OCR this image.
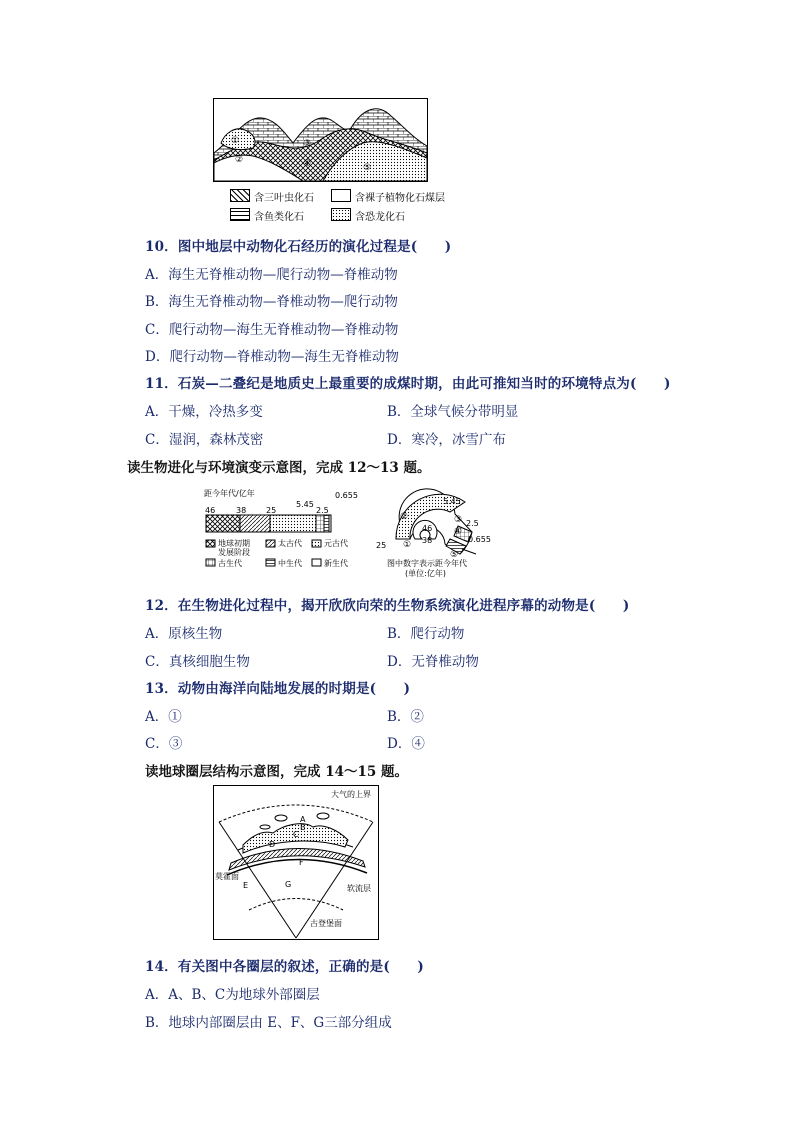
①
②
③
④	⑤
含三叶虫化石	含裸子植物化石煤层
含鱼类化石	含恐龙化石
10．图中地层中动物化石经历的演化过程是(　　)
A．海生无脊椎动物—爬行动物—脊椎动物
B．海生无脊椎动物—脊椎动物—爬行动物
C．爬行动物—海生无脊椎动物—脊椎动物
D．爬行动物—脊椎动物—海生无脊椎动物
11．石炭—二叠纪是地质史上最重要的成煤时期，由此可推知当时的环境特点为(　　)
A．干燥，冷热多变	B．全球气候分带明显
C．湿润，森林茂密	D．寒冷，冰雪广布
读生物进化与环境演变示意图，完成 12～13 题。
距今年代/亿年
46	38 25
5.45
2.5
0.655
地球初期
发展阶段
太古代	元古代
古生代	中生代	新生代
①
②	③
④
⑤
5.45
46
38
25
2.5
0.655
图中数字表示距今年代
(单位:亿年)
12．在生物进化过程中，揭开欣欣向荣的生物系统演化进程序幕的动物是(　　)
A．原核生物	B．爬行动物
C．真核细胞生物	D．无脊椎动物
13．动物由海洋向陆地发展的时期是(　　)
A．①	B．②
C．③	D．④
读地球圈层结构示意图，完成 14～15 题。
大气的上界
A
B
C
D
E
F
G
莫霍面
软流层
古登堡面
14．有关图中各圈层的叙述，正确的是(　　)
A．A、B、C为地球外部圈层
B．地球内部圈层由 E、F、G三部分组成
